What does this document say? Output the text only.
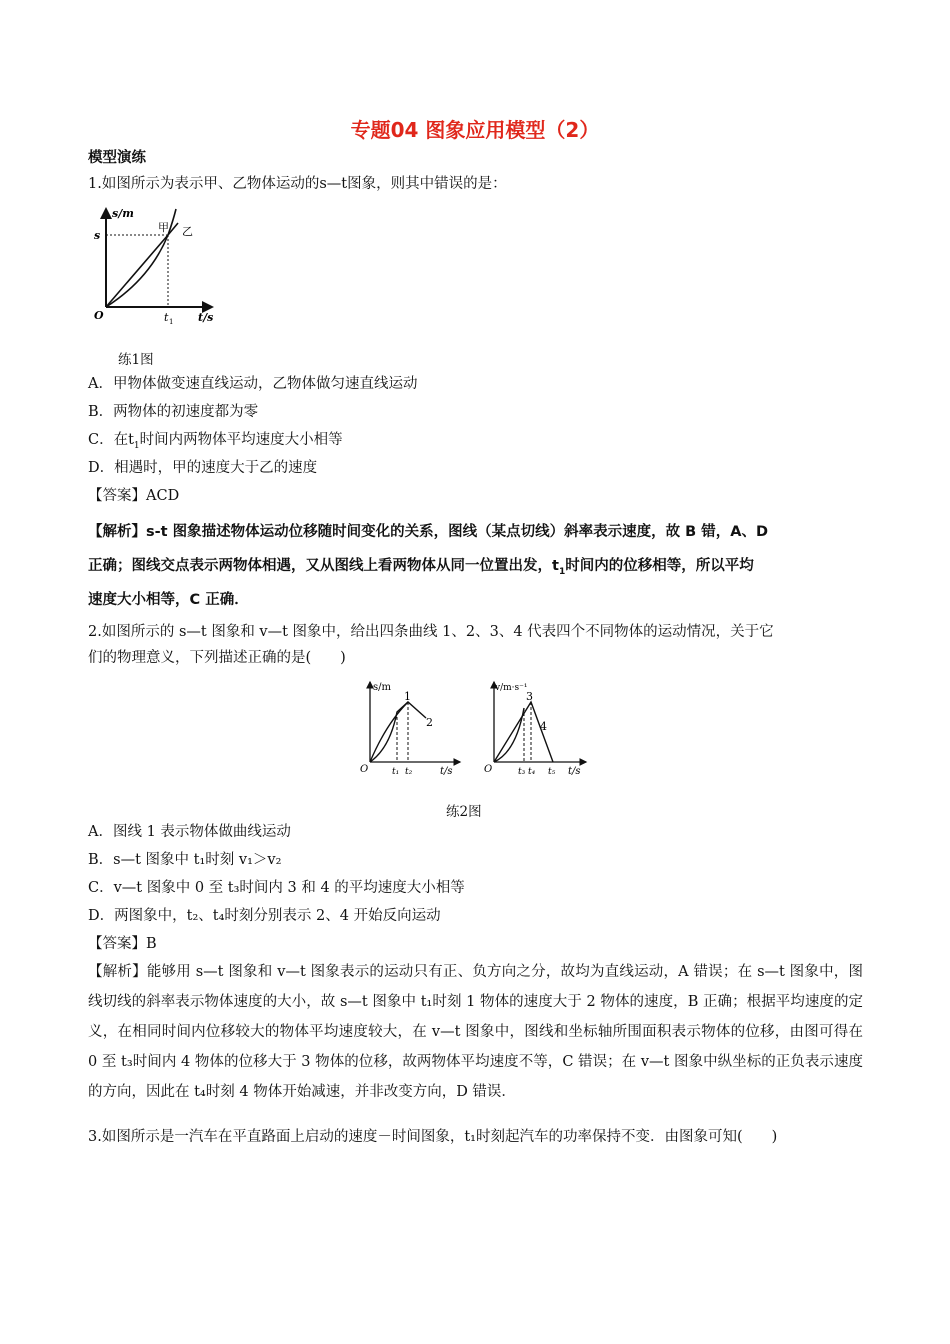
专题04 图象应用模型（2）
模型演练
1.如图所示为表示甲、乙物体运动的s—t图象，则其中错误的是：
s/m
s
甲 乙
O	t 1 t/s
练1图
A．甲物体做变速直线运动，乙物体做匀速直线运动
B．两物体的初速度都为零
C．在$t_1$时间内两物体平均速度大小相等
D．相遇时，甲的速度大于乙的速度
【答案】ACD
【解析】s-t 图象描述物体运动位移随时间变化的关系，图线（某点切线）斜率表示速度，故 B 错，A、D
正确；图线交点表示两物体相遇，又从图线上看两物体从同一位置出发，$t_1$时间内的位移相等，所以平均
速度大小相等，C 正确．
2.如图所示的 s—t 图象和 v—t 图象中，给出四条曲线 1、2、3、4 代表四个不同物体的运动情况，关于它
们的物理意义，下列描述正确的是(　　)
s/m
1
2
O	t₁ t₂	t/s
v/m·s⁻¹
3
4
O	t₃ t₄ t₅ t/s
练2图
A．图线 1 表示物体做曲线运动
B．s—t 图象中 t₁时刻 v₁＞v₂
C．v—t 图象中 0 至 t₃时间内 3 和 4 的平均速度大小相等
D．两图象中，t₂、t₄时刻分别表示 2、4 开始反向运动
【答案】B
【解析】能够用 s—t 图象和 v—t 图象表示的运动只有正、负方向之分，故均为直线运动，A 错误；在 s—t 图象中，图线切线的斜率表示物体速度的大小，故 s—t 图象中 t₁时刻 1 物体的速度大于 2 物体的速度，B 正确；根据平均速度的定义，在相同时间内位移较大的物体平均速度较大，在 v—t 图象中，图线和坐标轴所围面积表示物体的位移，由图可得在 0 至 t₃时间内 4 物体的位移大于 3 物体的位移，故两物体平均速度不等，C 错误；在 v—t 图象中纵坐标的正负表示速度的方向，因此在 t₄时刻 4 物体开始减速，并非改变方向，D 错误．
3.如图所示是一汽车在平直路面上启动的速度－时间图象，t₁时刻起汽车的功率保持不变．由图象可知(　　)
